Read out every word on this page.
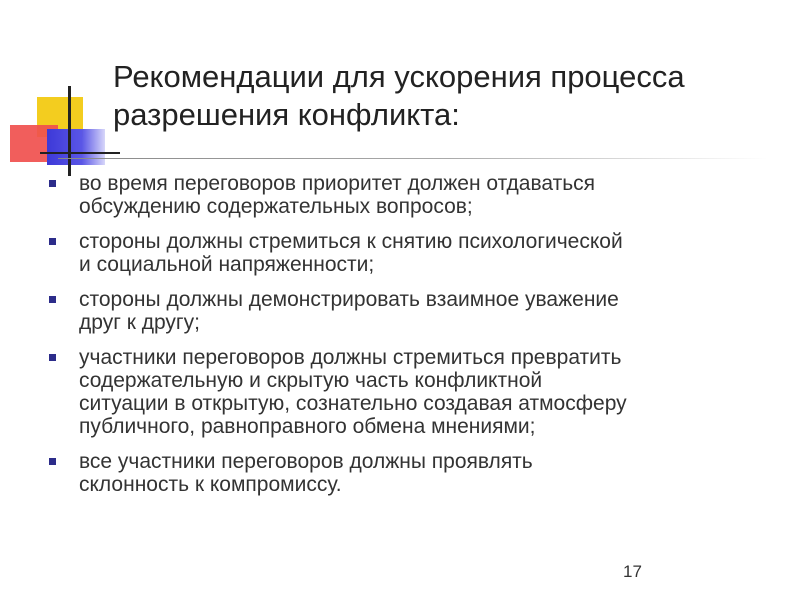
Рекомендации для ускорения процесса
разрешения конфликта:
во время переговоров приоритет должен отдаваться
обсуждению содержательных вопросов;
стороны должны стремиться к снятию психологической
и социальной напряженности;
стороны должны демонстрировать взаимное уважение
друг к другу;
участники переговоров должны стремиться превратить
содержательную и скрытую часть конфликтной
ситуации в открытую, сознательно создавая атмосферу
публичного, равноправного обмена мнениями;
все участники переговоров должны проявлять
склонность к компромиссу.
17
